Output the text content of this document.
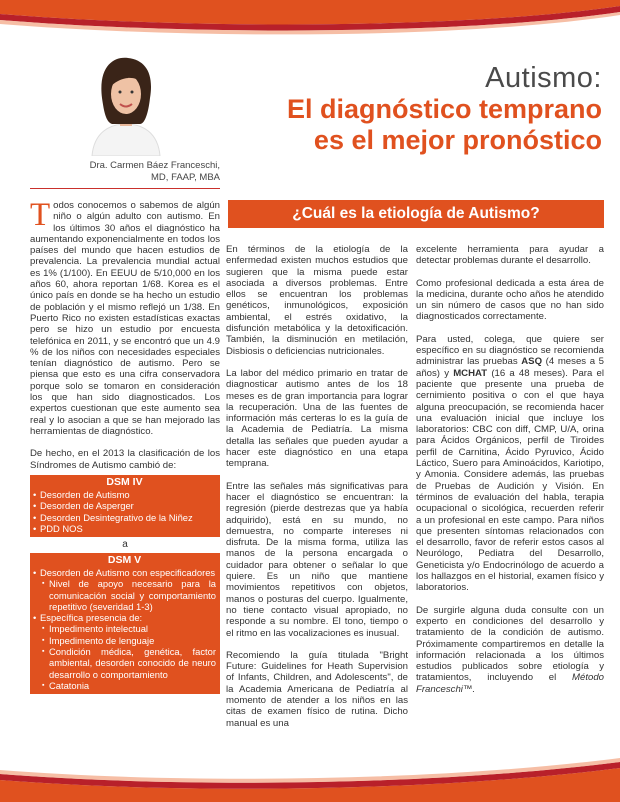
Dra. Carmen Báez Franceschi,
MD, FAAP, MBA
Autismo:
El diagnóstico temprano
es el mejor pronóstico
¿Cuál es la etiología de Autismo?

Todos conocemos o sabemos de algún niño o algún adulto con autismo. En los últimos 30 años el diagnóstico ha aumentando exponencialmente en todos los países del mundo que hacen estudios de prevalencia. La prevalencia mundial actual es 1% (1/100). En EEUU de 5/10,000 en los años 60, ahora reportan 1/68. Korea es el único país en donde se ha hecho un estudio de población y el mismo reflejó un 1/38. En Puerto Rico no existen estadísticas exactas pero se hizo un estudio por encuesta telefónica en 2011, y se encontró que un 4.9 % de los niños con necesidades especiales tenían diagnóstico de autismo. Pero se piensa que esto es una cifra conservadora porque solo se tomaron en consideración los que han sido diagnosticados. Los expertos cuestionan que este aumento sea real y lo asocian a que se han mejorado las herramientas de diagnóstico.

De hecho, en el 2013 la clasificación de los Síndromes de Autismo cambió de:

DSM IV
• Desorden de Autismo
• Desorden de Asperger
• Desorden Desintegrativo de la Niñez
• PDD NOS
a
DSM V
• Desorden de Autismo con especificadores
▪ Nivel de apoyo necesario para la comunicación social y comportamiento repetitivo (severidad 1-3)
• Específica presencia de:
▪ Impedimento intelectual
▪ Impedimento de lenguaje
▪ Condición médica, genética, factor ambiental, desorden conocido de neuro desarrollo o comportamiento
▪ Catatonia

En términos de la etiología de la enfermedad existen muchos estudios que sugieren que la misma puede estar asociada a diversos problemas. Entre ellos se encuentran los problemas genéticos, inmunológicos, exposición ambiental, el estrés oxidativo, la disfunción metabólica y la detoxificación. También, la disminución en metilación, Disbiosis o deficiencias nutricionales.

La labor del médico primario en tratar de diagnosticar autismo antes de los 18 meses es de gran importancia para lograr la recuperación. Una de las fuentes de información más certeras lo es la guía de la Academia de Pediatría. La misma detalla las señales que pueden ayudar a hacer este diagnóstico en una etapa temprana.

Entre las señales más significativas para hacer el diagnóstico se encuentran: la regresión (pierde destrezas que ya había adquirido), está en su mundo, no demuestra, no comparte intereses ni disfruta. De la misma forma, utiliza las manos de la persona encargada o cuidador para obtener o señalar lo que quiere. Es un niño que mantiene movimientos repetitivos con objetos, manos o posturas del cuerpo. Igualmente, no tiene contacto visual apropiado, no responde a su nombre. El tono, tiempo o el ritmo en las vocalizaciones es inusual.

Recomiendo la guía titulada "Bright Future: Guidelines for Heath Supervision of Infants, Children, and Adolescents", de la Academia Americana de Pediatría al momento de atender a los niños en las citas de examen físico de rutina. Dicho manual es una

excelente herramienta para ayudar a detectar problemas durante el desarrollo.

Como profesional dedicada a esta área de la medicina, durante ocho años he atendido un sin número de casos que no han sido diagnosticados correctamente.

Para usted, colega, que quiere ser específico en su diagnóstico se recomienda administrar las pruebas ASQ (4 meses a 5 años) y MCHAT (16 a 48 meses). Para el paciente que presente una prueba de cernimiento positiva o con el que haya alguna preocupación, se recomienda hacer una evaluación inicial que incluye los laboratorios: CBC con diff, CMP, U/A, orina para Ácidos Orgánicos, perfil de Tiroides perfil de Carnitina, Ácido Pyruvico, Ácido Láctico, Suero para Aminoácidos, Kariotipo, y Amonia. Considere además, las pruebas de Pruebas de Audición y Visión. En términos de evaluación del habla, terapia ocupacional o sicológica, recuerden referir a un profesional en este campo. Para niños que presenten síntomas relacionados con el desarrollo, favor de referir estos casos al Neurólogo, Pediatra del Desarrollo, Geneticista y/o Endocrinólogo de acuerdo a los hallazgos en el historial, examen físico y laboratorios.

De surgirle alguna duda consulte con un experto en condiciones del desarrollo y tratamiento de la condición de autismo. Próximamente compartiremos en detalle la información relacionada a los últimos estudios publicados sobre etiología y tratamientos, incluyendo el Método Franceschi™.
